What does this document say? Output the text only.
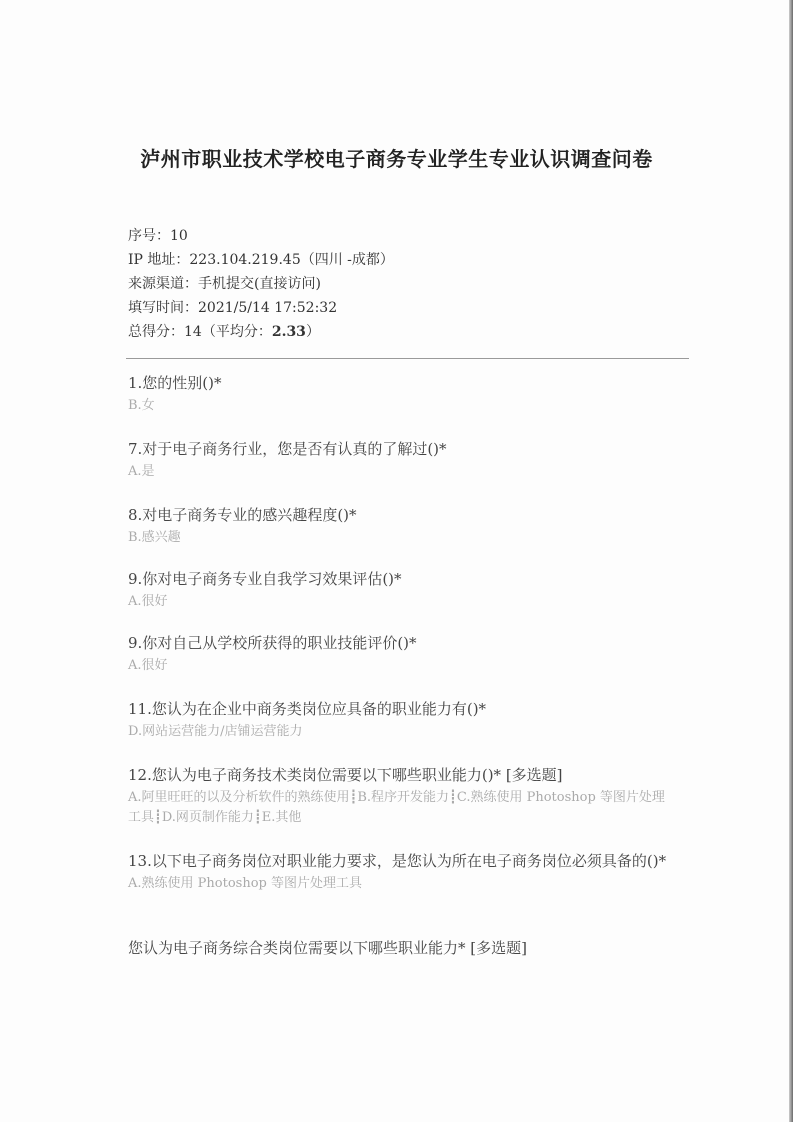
泸州市职业技术学校电子商务专业学生专业认识调查问卷
序号：10
IP 地址：223.104.219.45（四川 -成都）
来源渠道：手机提交(直接访问)
填写时间：2021/5/14 17:52:32
总得分：14（平均分：2.33）
1.您的性别()*
B.女
7.对于电子商务行业，您是否有认真的了解过()*
A.是
8.对电子商务专业的感兴趣程度()*
B.感兴趣
9.你对电子商务专业自我学习效果评估()*
A.很好
9.你对自己从学校所获得的职业技能评价()*
A.很好
11.您认为在企业中商务类岗位应具备的职业能力有()*
D.网站运营能力/店铺运营能力
12.您认为电子商务技术类岗位需要以下哪些职业能力()* [多选题]
A.阿里旺旺的以及分析软件的熟练使用┋B.程序开发能力┋C.熟练使用 Photoshop 等图片处理工具┋D.网页制作能力┋E.其他
13.以下电子商务岗位对职业能力要求，是您认为所在电子商务岗位必须具备的()*
A.熟练使用 Photoshop 等图片处理工具
您认为电子商务综合类岗位需要以下哪些职业能力* [多选题]
